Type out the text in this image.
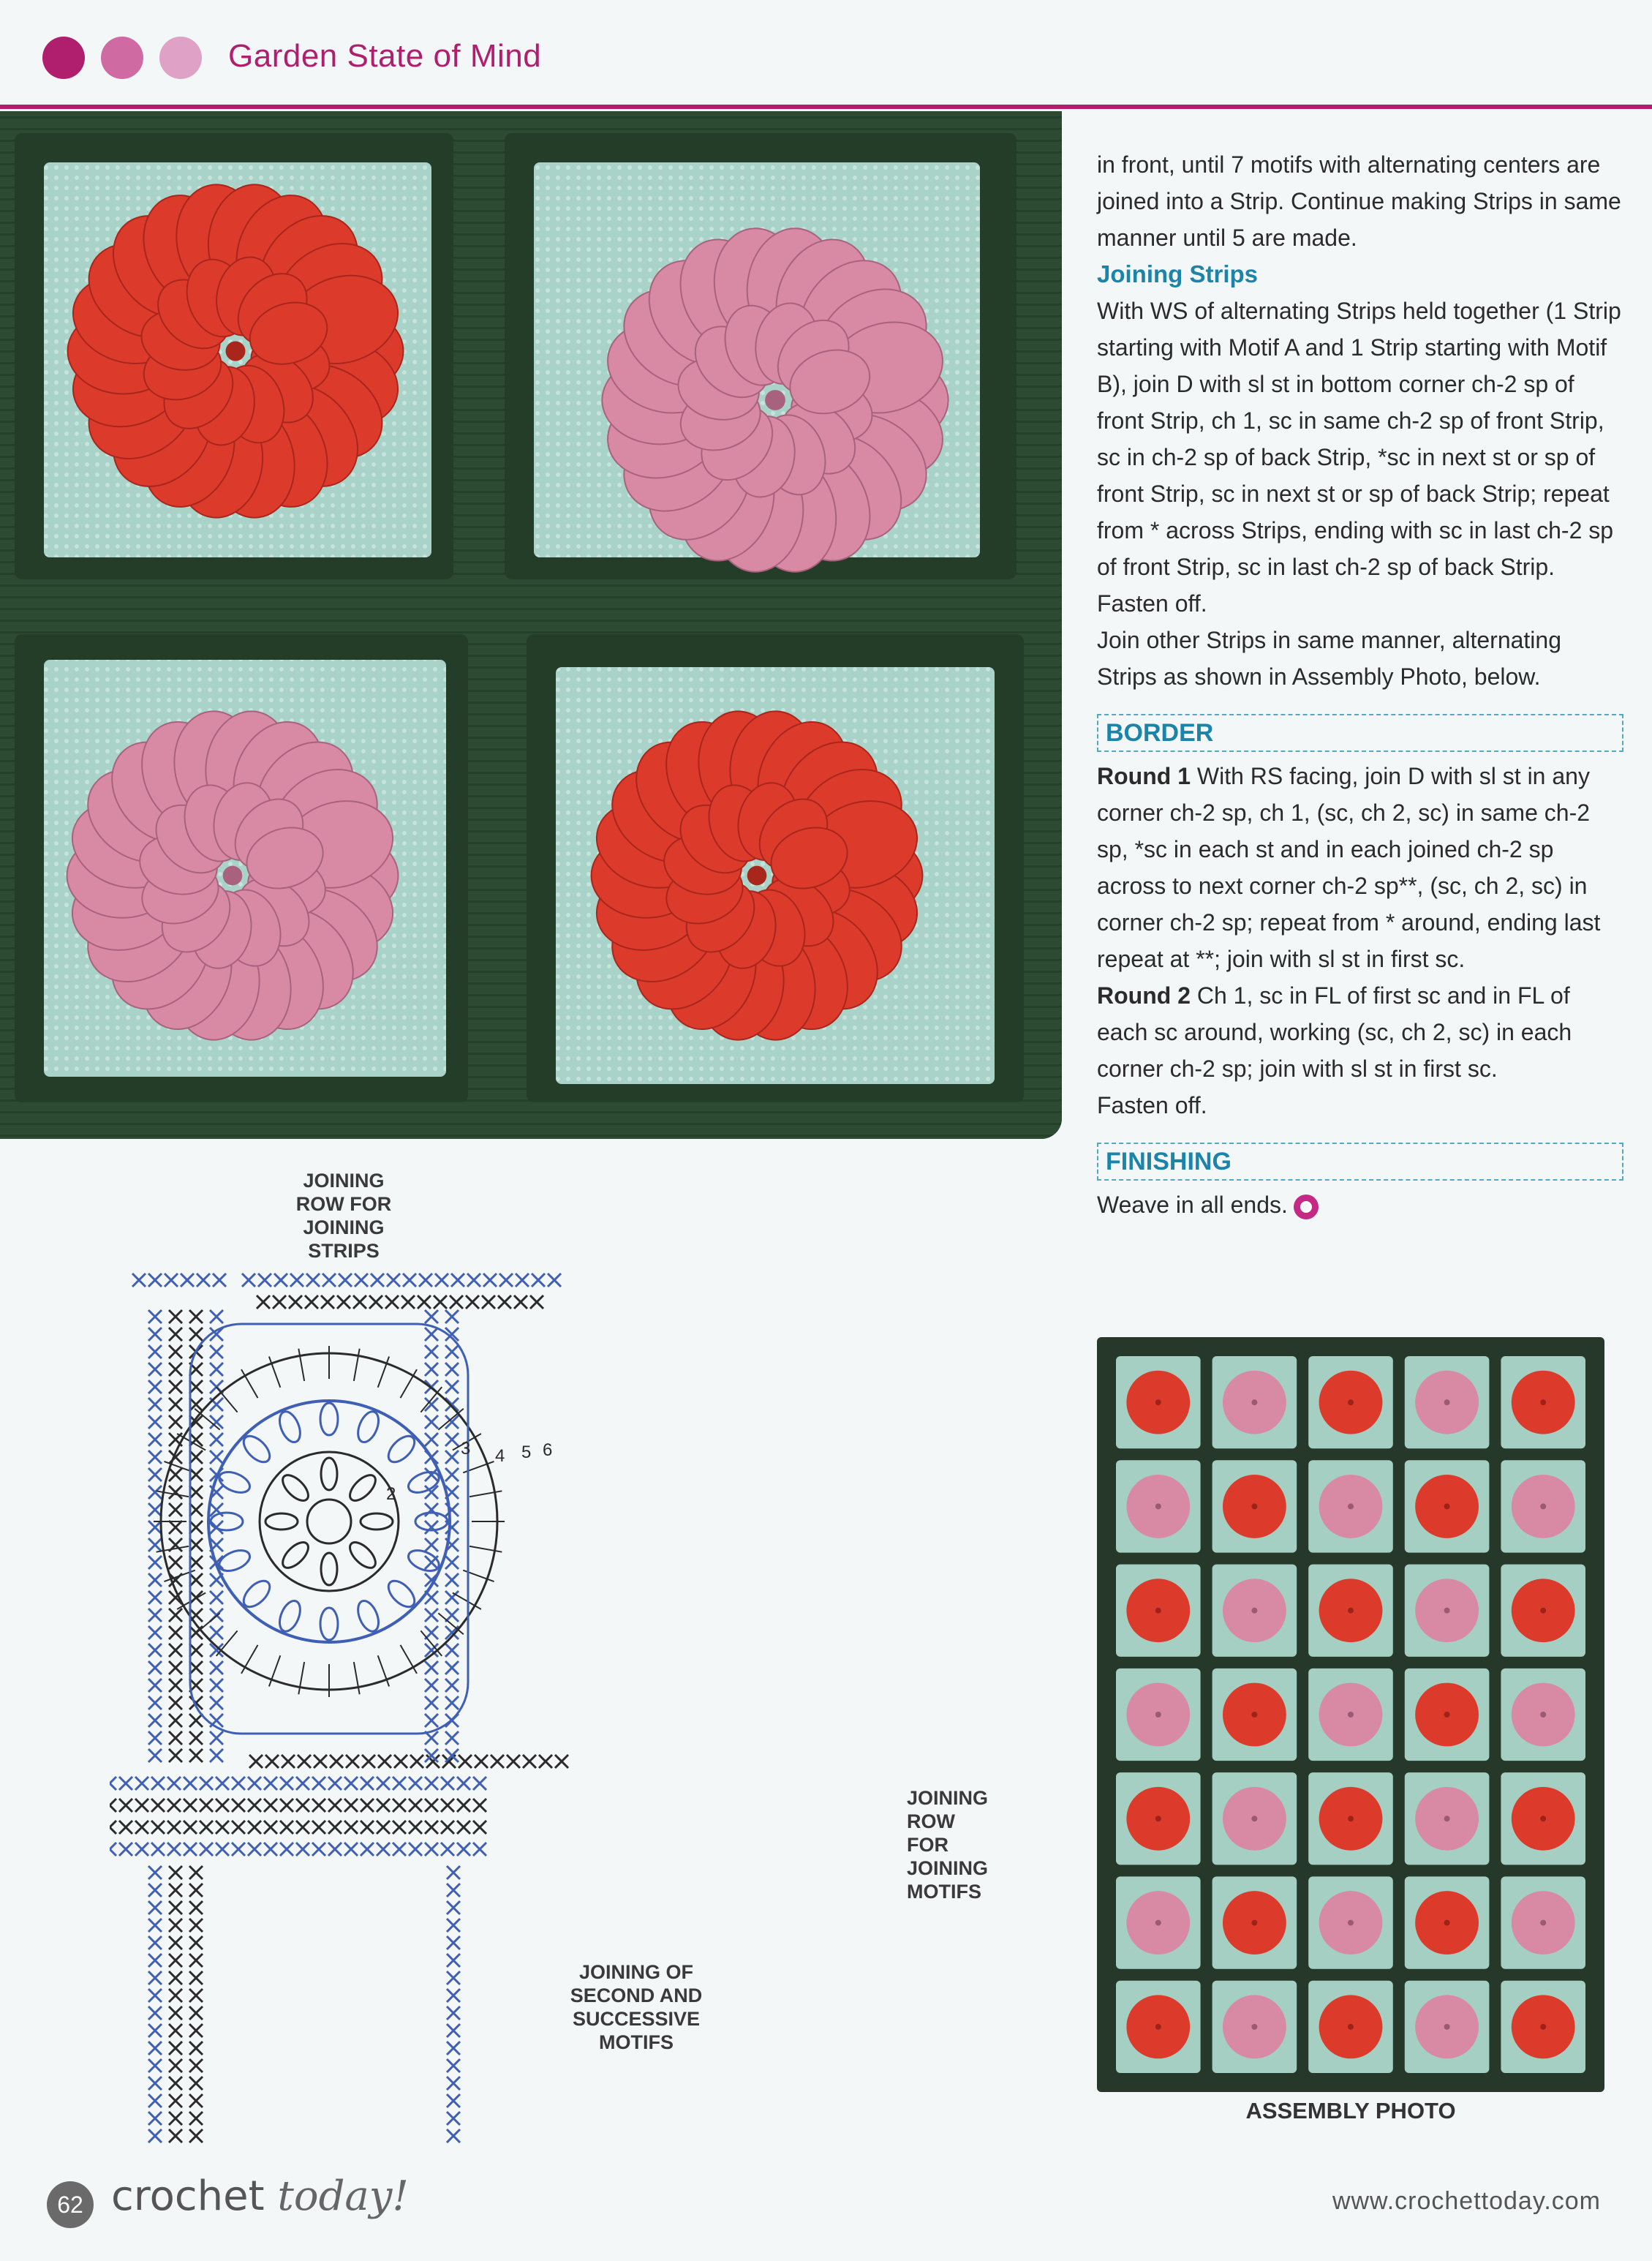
Garden State of Mind

in front, until 7 motifs with alternating centers are joined into a Strip. Continue making Strips in same manner until 5 are made.

Joining Strips

With WS of alternating Strips held together (1 Strip starting with Motif A and 1 Strip starting with Motif B), join D with sl st in bottom corner ch-2 sp of front Strip, ch 1, sc in same ch-2 sp of front Strip, sc in ch-2 sp of back Strip, *sc in next st or sp of front Strip, sc in next st or sp of back Strip; repeat from * across Strips, ending with sc in last ch-2 sp of front Strip, sc in last ch-2 sp of back Strip.

Fasten off.

Join other Strips in same manner, alternating Strips as shown in Assembly Photo, below.

BORDER

Round 1 With RS facing, join D with sl st in any corner ch-2 sp, ch 1, (sc, ch 2, sc) in same ch-2 sp, *sc in each st and in each joined ch-2 sp across to next corner ch-2 sp**, (sc, ch 2, sc) in corner ch-2 sp; repeat from * around, ending last repeat at **; join with sl st in first sc.

Round 2 Ch 1, sc in FL of first sc and in FL of each sc around, working (sc, ch 2, sc) in each corner ch-2 sp; join with sl st in first sc.

Fasten off.

FINISHING

Weave in all ends.

2
3 4 5 6
JOINING ROW FOR JOINING STRIPS
JOINING ROW FOR JOINING MOTIFS
JOINING OF SECOND AND SUCCESSIVE MOTIFS
ASSEMBLY PHOTO
62 crochet today!	www.crochettoday.com
